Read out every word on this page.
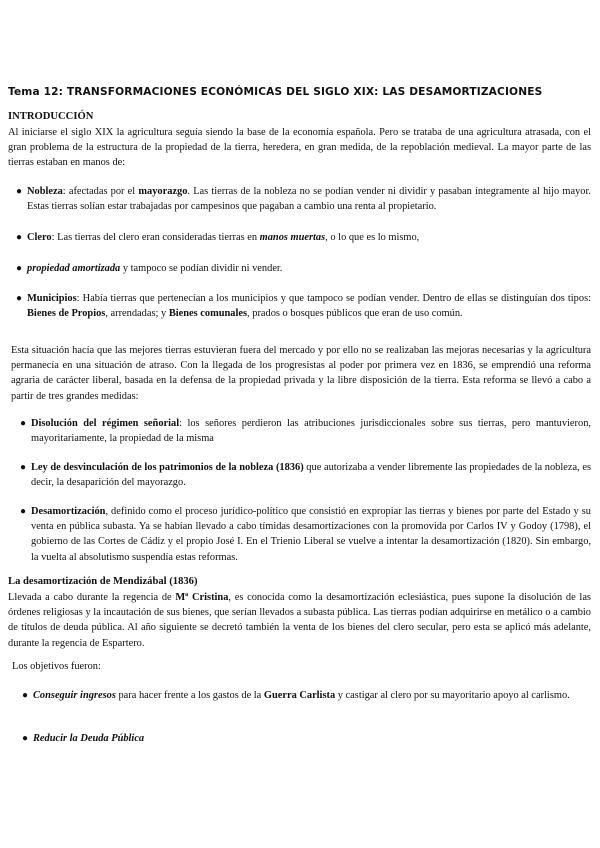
Tema 12: TRANSFORMACIONES ECONÓMICAS DEL SIGLO XIX: LAS DESAMORTIZACIONES
INTRODUCCIÓN
Al iniciarse el siglo XIX la agricultura seguía siendo la base de la economía española. Pero se trataba de una agricultura atrasada, con el gran problema de la estructura de la propiedad de la tierra, heredera, en gran medida, de la repoblación medieval. La mayor parte de las tierras estaban en manos de:
● Nobleza: afectadas por el mayorazgo. Las tierras de la nobleza no se podían vender ni dividir y pasaban íntegramente al hijo mayor. Estas tierras solían estar trabajadas por campesinos que pagaban a cambio una renta al propietario.
● Clero: Las tierras del clero eran consideradas tierras en manos muertas, o lo que es lo mismo,
● propiedad amortizada y tampoco se podían dividir ni vender.
● Municipios: Había tierras que pertenecían a los municipios y que tampoco se podían vender. Dentro de ellas se distinguían dos tipos: Bienes de Propios, arrendadas; y Bienes comunales, prados o bosques públicos que eran de uso común.
Esta situación hacía que las mejores tierras estuvieran fuera del mercado y por ello no se realizaban las mejoras necesarias y la agricultura permanecía en una situación de atraso. Con la llegada de los progresistas al poder por primera vez en 1836, se emprendió una reforma agraria de carácter liberal, basada en la defensa de la propiedad privada y la libre disposición de la tierra. Esta reforma se llevó a cabo a partir de tres grandes medidas:
● Disolución del régimen señorial: los señores perdieron las atribuciones jurisdiccionales sobre sus tierras, pero mantuvieron, mayoritariamente, la propiedad de la misma
● Ley de desvinculación de los patrimonios de la nobleza (1836) que autorizaba a vender libremente las propiedades de la nobleza, es decir, la desaparición del mayorazgo.
● Desamortización, definido como el proceso jurídico-político que consistió en expropiar las tierras y bienes por parte del Estado y su venta en pública subasta. Ya se habían llevado a cabo tímidas desamortizaciones con la promovida por Carlos IV y Godoy (1798), el gobierno de las Cortes de Cádiz y el propio José I. En el Trienio Liberal se vuelve a intentar la desamortización (1820). Sin embargo, la vuelta al absolutismo suspendía estas reformas.
La desamortización de Mendizábal (1836)
Llevada a cabo durante la regencia de Mª Cristina, es conocida como la desamortización eclesiástica, pues supone la disolución de las órdenes religiosas y la incautación de sus bienes, que serían llevados a subasta pública. Las tierras podían adquirirse en metálico o a cambio de títulos de deuda pública. Al año siguiente se decretó también la venta de los bienes del clero secular, pero esta se aplicó más adelante, durante la regencia de Espartero.
Los objetivos fueron:
● Conseguir ingresos para hacer frente a los gastos de la Guerra Carlista y castigar al clero por su mayoritario apoyo al carlismo.
● Reducir la Deuda Pública
